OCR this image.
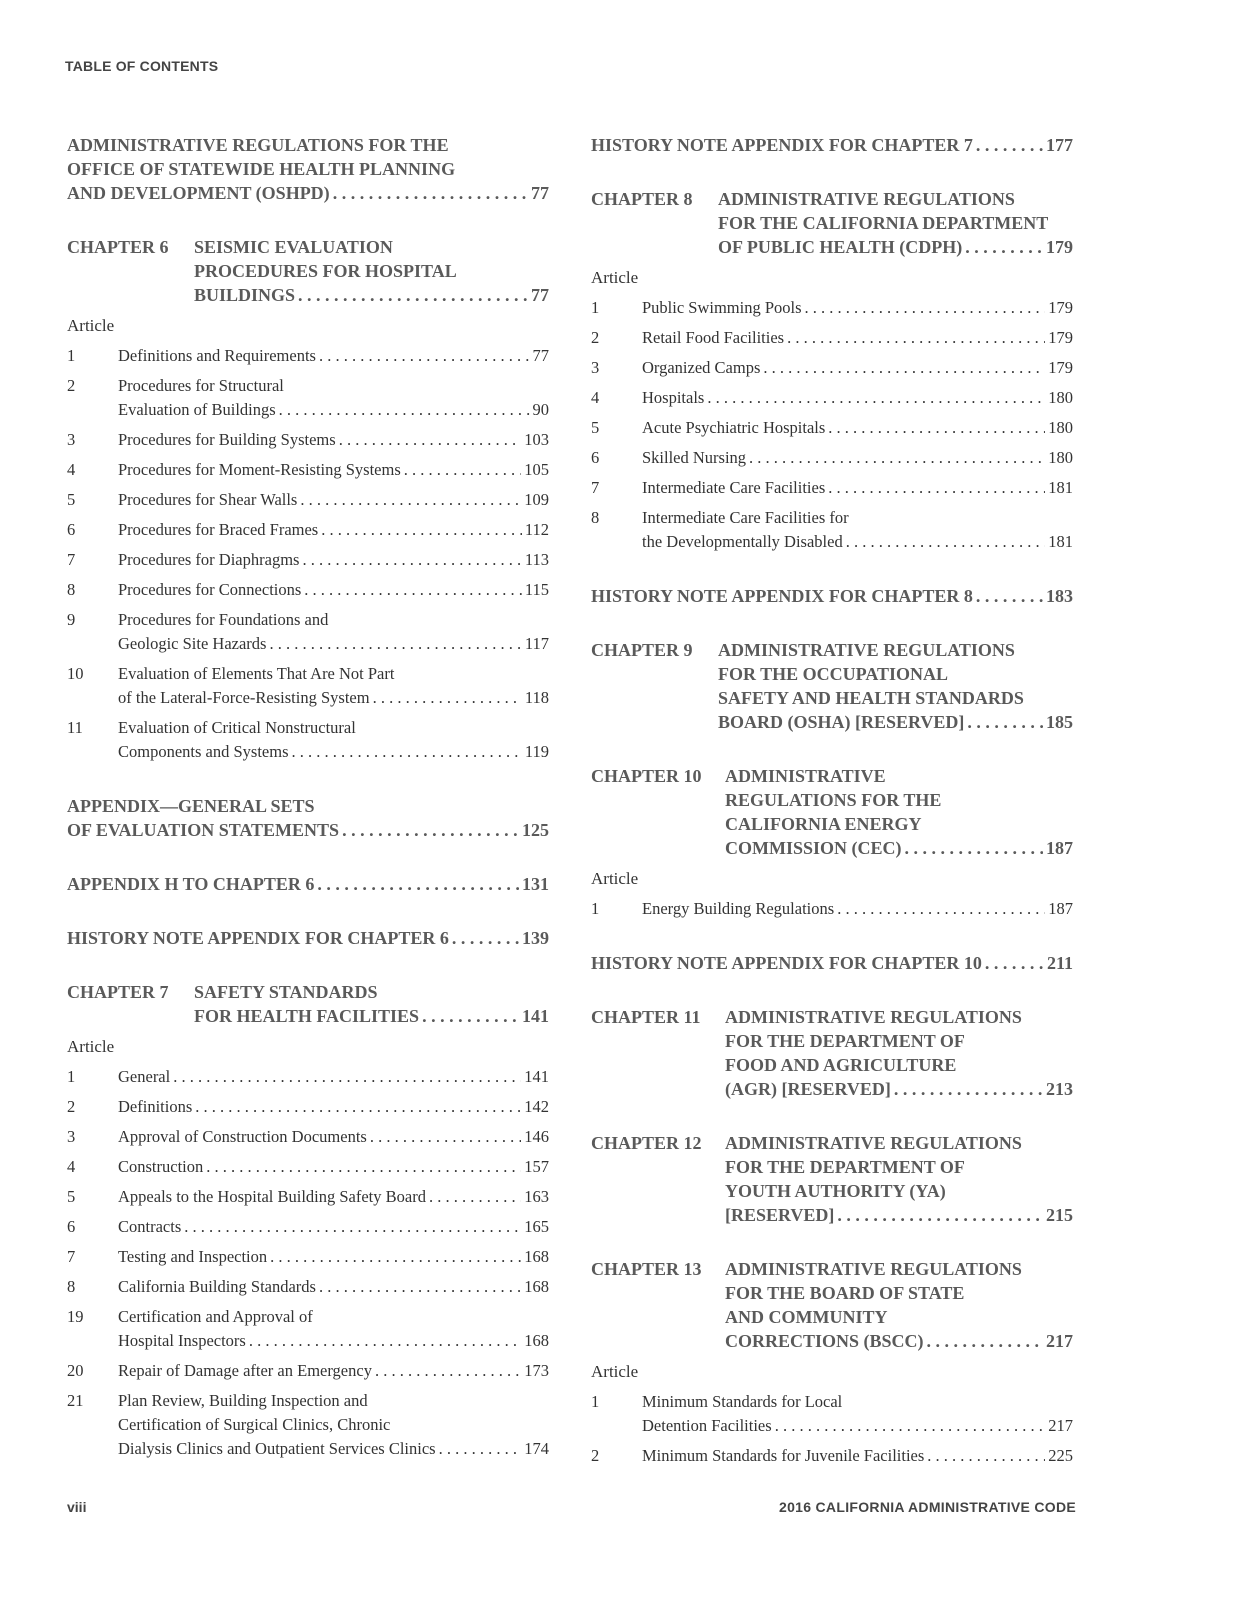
TABLE OF CONTENTS
ADMINISTRATIVE REGULATIONS FOR THE
OFFICE OF STATEWIDE HEALTH PLANNING
AND DEVELOPMENT (OSHPD) . . .	77
CHAPTER 6	SEISMIC EVALUATION
PROCEDURES FOR HOSPITAL
BUILDINGS . . .	77
Article
1	Definitions and Requirements . . .	77
2	Procedures for Structural
Evaluation of Buildings . . .	90
3	Procedures for Building Systems . . .	103
4	Procedures for Moment-Resisting Systems . . .	105
5	Procedures for Shear Walls . . .	109
6	Procedures for Braced Frames . . .	112
7	Procedures for Diaphragms . . .	113
8	Procedures for Connections . . .	115
9	Procedures for Foundations and
Geologic Site Hazards . . .	117
10	Evaluation of Elements That Are Not Part
of the Lateral-Force-Resisting System . . .	118
11	Evaluation of Critical Nonstructural
Components and Systems . . .	119
APPENDIX—GENERAL SETS
OF EVALUATION STATEMENTS . . .	125
APPENDIX H TO CHAPTER 6 . . .	131
HISTORY NOTE APPENDIX FOR CHAPTER 6 . . .	139
CHAPTER 7	SAFETY STANDARDS
FOR HEALTH FACILITIES . . .	141
Article
1	General . . .	141
2	Definitions . . .	142
3	Approval of Construction Documents . . .	146
4	Construction . . .	157
5	Appeals to the Hospital Building Safety Board . . .	163
6	Contracts . . .	165
7	Testing and Inspection . . .	168
8	California Building Standards . . .	168
19	Certification and Approval of
Hospital Inspectors . . .	168
20	Repair of Damage after an Emergency . . .	173
21	Plan Review, Building Inspection and
Certification of Surgical Clinics, Chronic
Dialysis Clinics and Outpatient Services Clinics . . .	174
HISTORY NOTE APPENDIX FOR CHAPTER 7 . . .	177
CHAPTER 8	ADMINISTRATIVE REGULATIONS
FOR THE CALIFORNIA DEPARTMENT
OF PUBLIC HEALTH (CDPH) . . .	179
Article
1	Public Swimming Pools . . .	179
2	Retail Food Facilities . . .	179
3	Organized Camps . . .	179
4	Hospitals . . .	180
5	Acute Psychiatric Hospitals . . .	180
6	Skilled Nursing . . .	180
7	Intermediate Care Facilities . . .	181
8	Intermediate Care Facilities for
the Developmentally Disabled . . .	181
HISTORY NOTE APPENDIX FOR CHAPTER 8 . . .	183
CHAPTER 9	ADMINISTRATIVE REGULATIONS
FOR THE OCCUPATIONAL
SAFETY AND HEALTH STANDARDS
BOARD (OSHA) [RESERVED] . . .	185
CHAPTER 10	ADMINISTRATIVE
REGULATIONS FOR THE
CALIFORNIA ENERGY
COMMISSION (CEC) . . .	187
Article
1	Energy Building Regulations . . .	187
HISTORY NOTE APPENDIX FOR CHAPTER 10 . . .	211
CHAPTER 11	ADMINISTRATIVE REGULATIONS
FOR THE DEPARTMENT OF
FOOD AND AGRICULTURE
(AGR) [RESERVED] . . .	213
CHAPTER 12	ADMINISTRATIVE REGULATIONS
FOR THE DEPARTMENT OF
YOUTH AUTHORITY (YA)
[RESERVED] . . .	215
CHAPTER 13	ADMINISTRATIVE REGULATIONS
FOR THE BOARD OF STATE
AND COMMUNITY
CORRECTIONS (BSCC) . . .	217
Article
1	Minimum Standards for Local
Detention Facilities . . .	217
2	Minimum Standards for Juvenile Facilities . . .	225
viii	2016 CALIFORNIA ADMINISTRATIVE CODE
